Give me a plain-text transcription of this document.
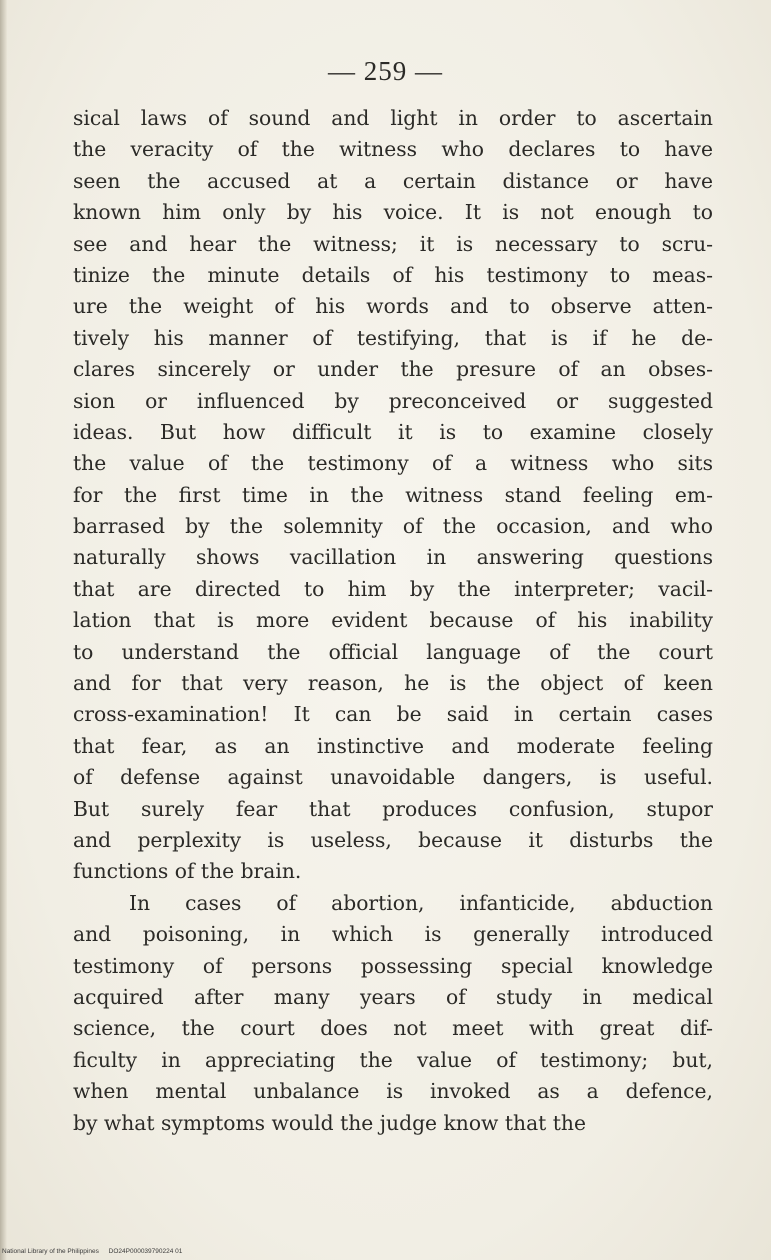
— 259 —
sical laws of sound and light in order to ascertain
the veracity of the witness who declares to have
seen the accused at a certain distance or have
known him only by his voice. It is not enough to
see and hear the witness; it is necessary to scru-
tinize the minute details of his testimony to meas-
ure the weight of his words and to observe atten-
tively his manner of testifying, that is if he de-
clares sincerely or under the presure of an obses-
sion or influenced by preconceived or suggested
ideas. But how difficult it is to examine closely
the value of the testimony of a witness who sits
for the first time in the witness stand feeling em-
barrased by the solemnity of the occasion, and who
naturally shows vacillation in answering questions
that are directed to him by the interpreter; vacil-
lation that is more evident because of his inability
to understand the official language of the court
and for that very reason, he is the object of keen
cross-examination! It can be said in certain cases
that fear, as an instinctive and moderate feeling
of defense against unavoidable dangers, is useful.
But surely fear that produces confusion, stupor
and perplexity is useless, because it disturbs the
functions of the brain.
In cases of abortion, infanticide, abduction
and poisoning, in which is generally introduced
testimony of persons possessing special knowledge
acquired after many years of study in medical
science, the court does not meet with great dif-
ficulty in appreciating the value of testimony; but,
when mental unbalance is invoked as a defence,
by what symptoms would the judge know that the
National Library of the Philippines DO24P000039790224 01
